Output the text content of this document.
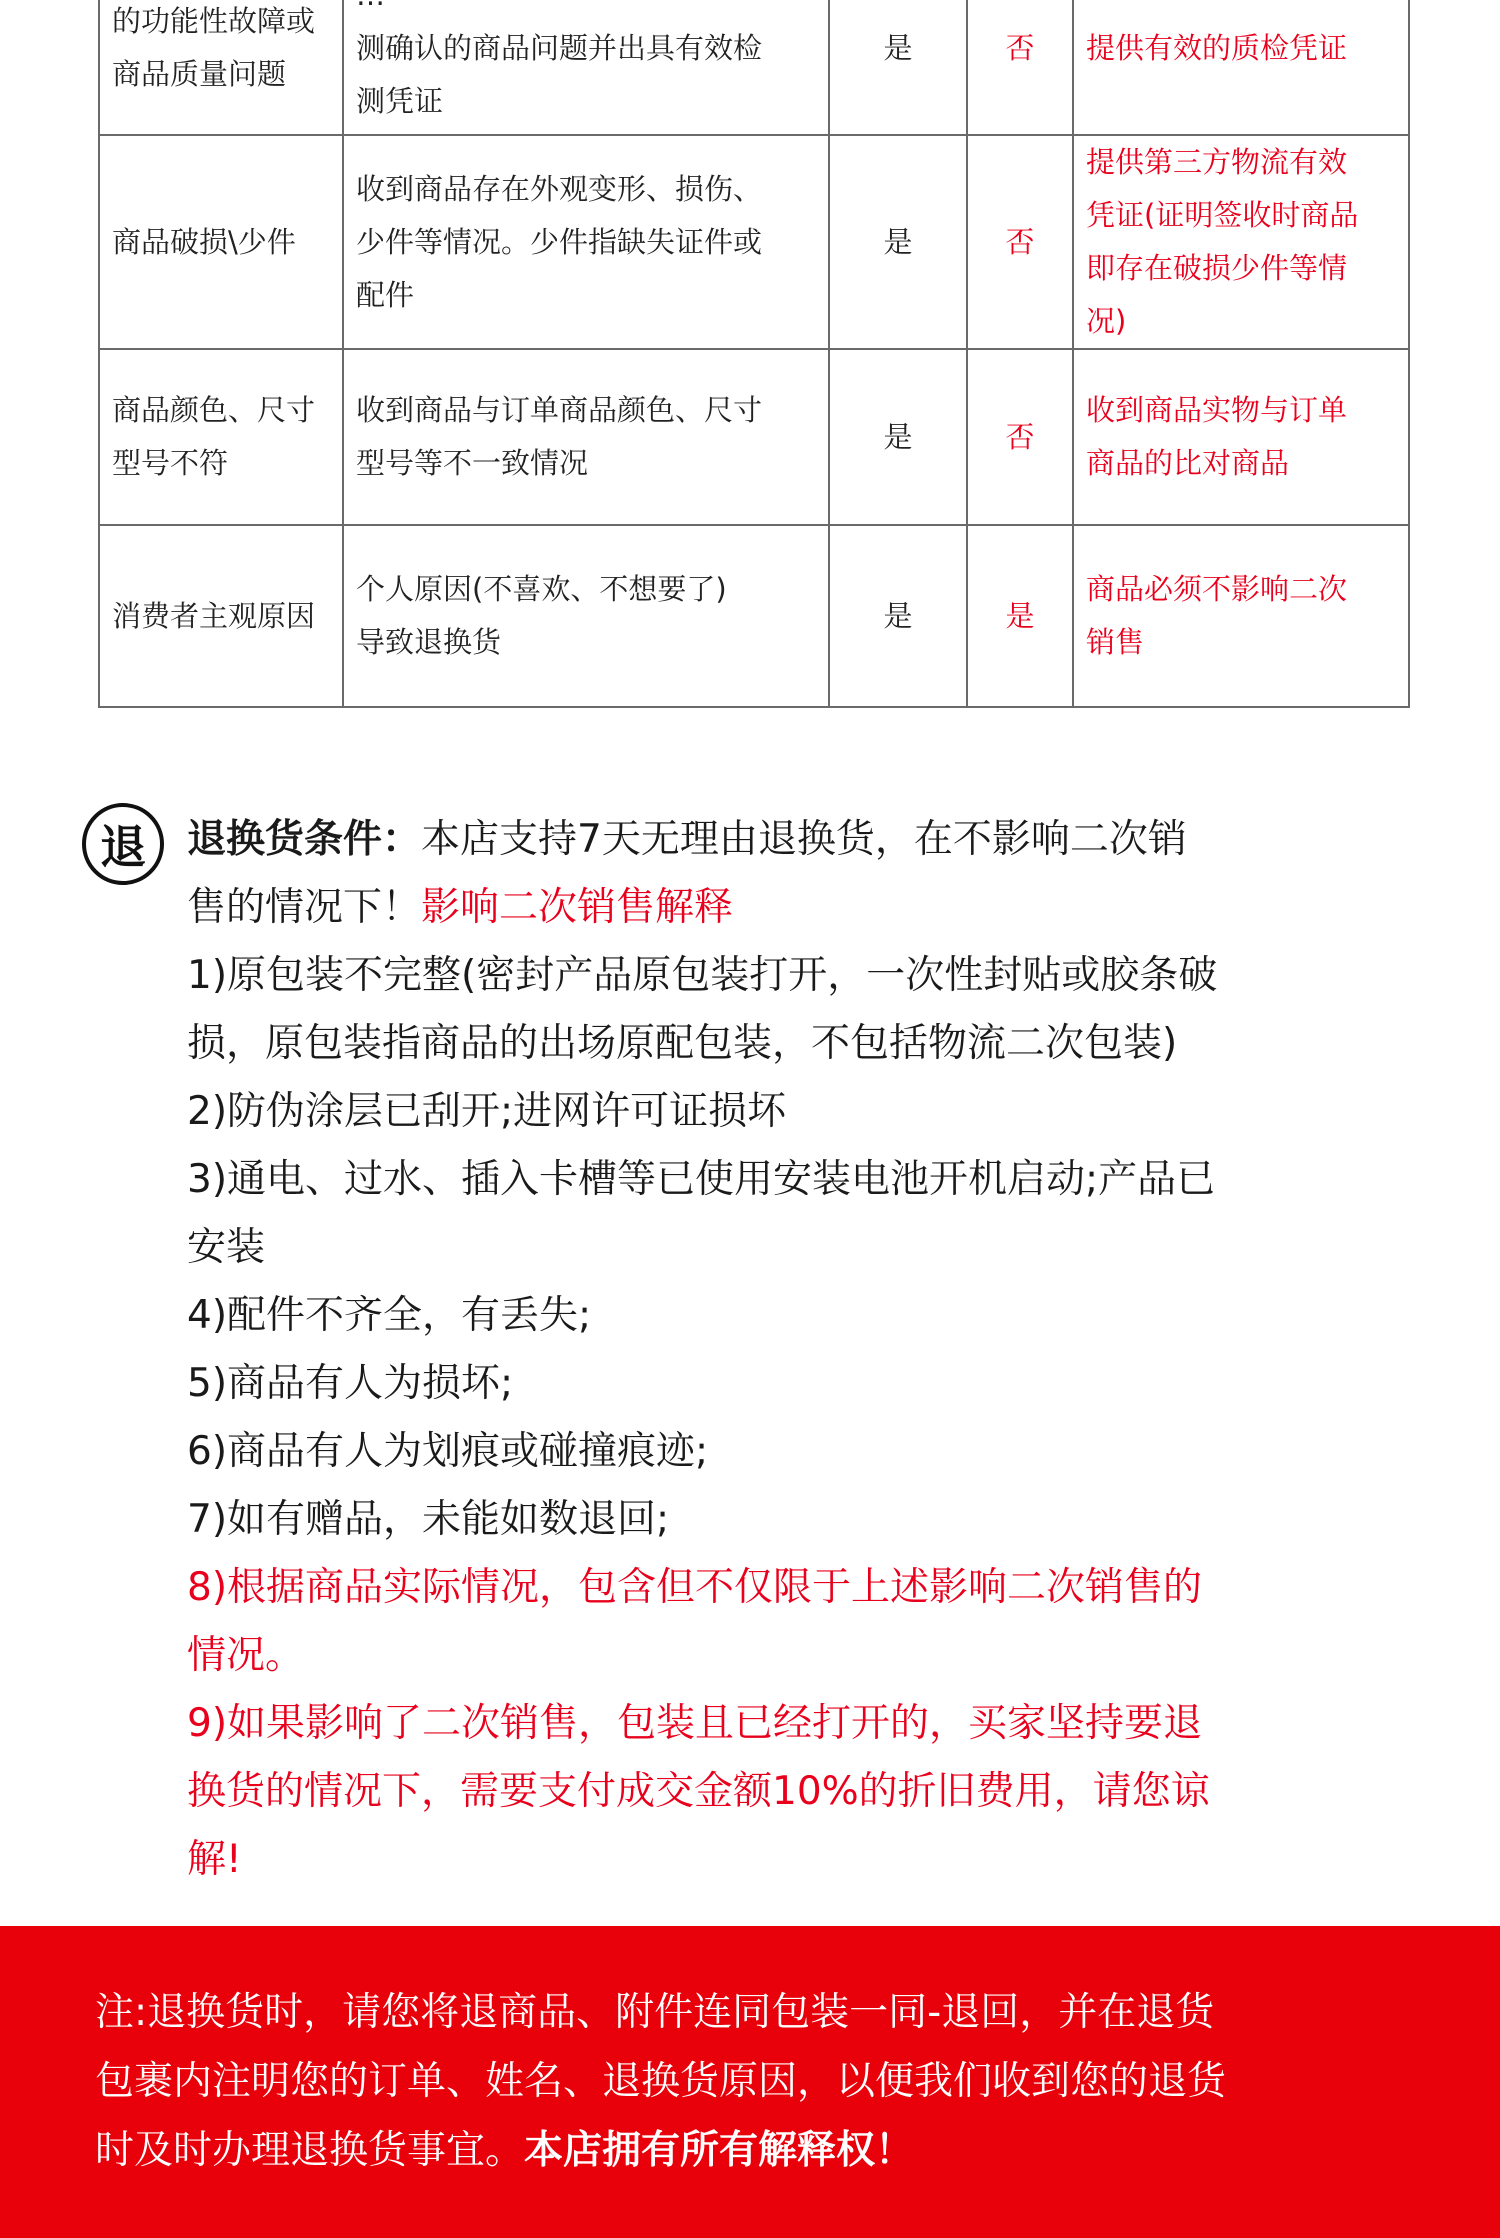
的功能性故障或
商品质量问题	测确认的商品问题并出具有效检
测凭证	是	否	提供有效的质检凭证

商品破损\少件	收到商品存在外观变形、损伤、
少件等情况。少件指缺失证件或
配件	是	否	提供第三方物流有效
凭证(证明签收时商品
即存在破损少件等情
况)

商品颜色、尺寸
型号不符	收到商品与订单商品颜色、尺寸
型号等不一致情况	是	否	收到商品实物与订单
商品的比对商品

消费者主观原因	个人原因(不喜欢、不想要了)
导致退换货	是	是	商品必须不影响二次
销售
退 退换货条件：本店支持7天无理由退换货，在不影响二次销
售的情况下！影响二次销售解释
1)原包装不完整(密封产品原包装打开，一次性封贴或胶条破
损，原包装指商品的出场原配包装，不包括物流二次包装)
2)防伪涂层已刮开;进网许可证损坏
3)通电、过水、插入卡槽等已使用安装电池开机启动;产品已
安装
4)配件不齐全，有丢失;
5)商品有人为损坏;
6)商品有人为划痕或碰撞痕迹;
7)如有赠品，未能如数退回;
8)根据商品实际情况，包含但不仅限于上述影响二次销售的
情况。
9)如果影响了二次销售，包装且已经打开的，买家坚持要退
换货的情况下，需要支付成交金额10%的折旧费用，请您谅
解!
注:退换货时，请您将退商品、附件连同包装一同-退回，并在退货
包裹内注明您的订单、姓名、退换货原因，以便我们收到您的退货
时及时办理退换货事宜。本店拥有所有解释权！
